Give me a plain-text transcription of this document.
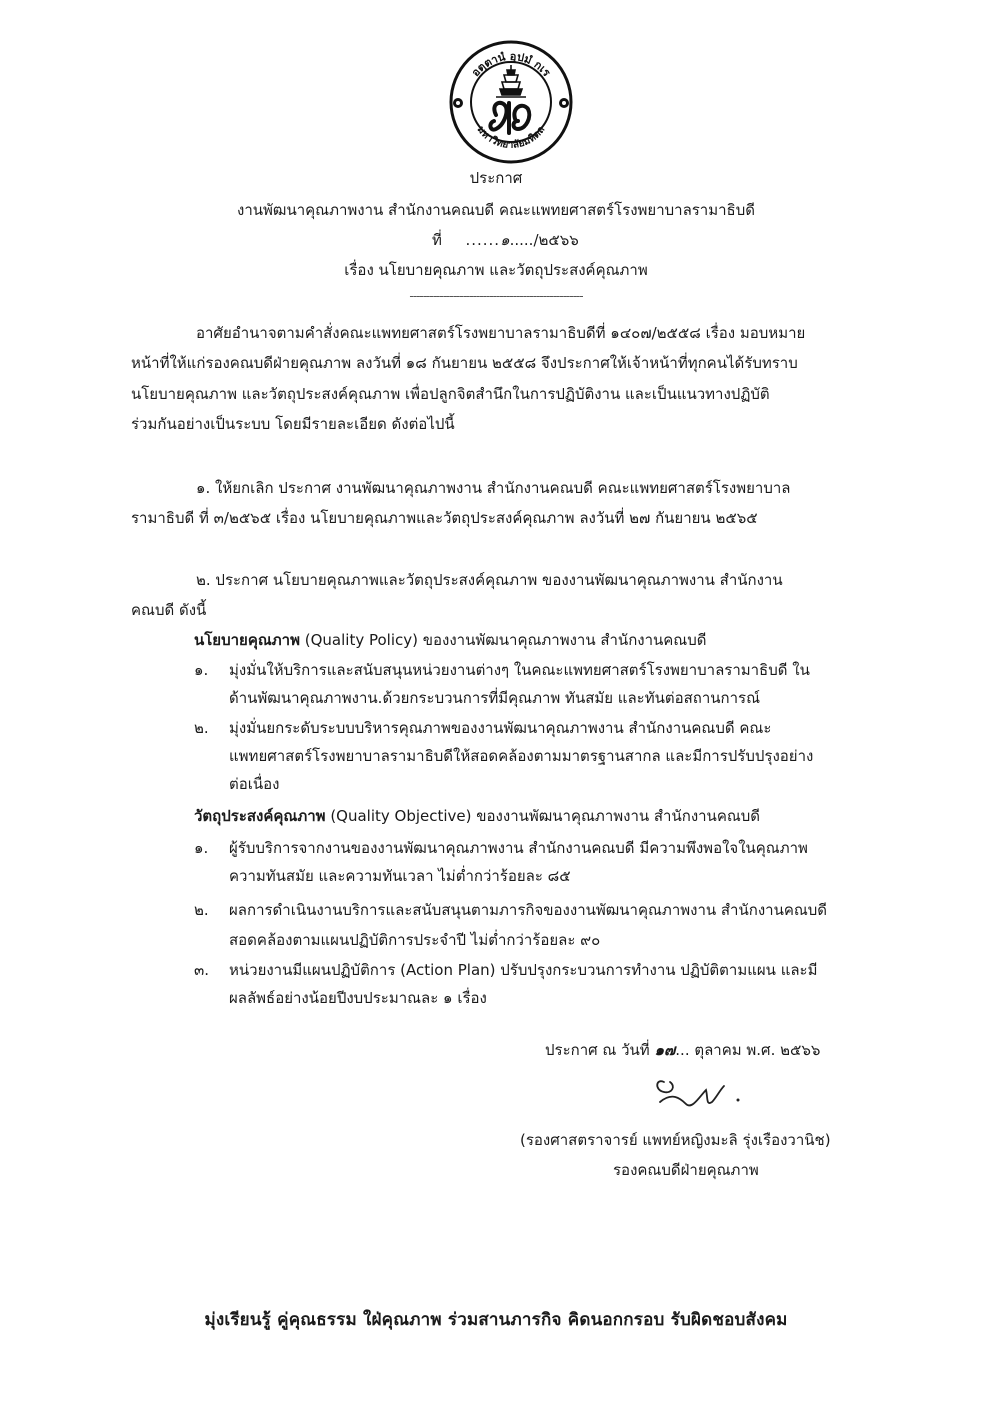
อตฺตานํ อุปมํ กเร
มหาวิทยาลัยมหิดล
ประกาศ
งานพัฒนาคุณภาพงาน สำนักงานคณบดี คณะแพทยศาสตร์โรงพยาบาลรามาธิบดี
ที่ ......๑...../๒๕๖๖
เรื่อง นโยบายคุณภาพ และวัตถุประสงค์คุณภาพ
----------------------------------------------------
อาศัยอำนาจตามคำสั่งคณะแพทยศาสตร์โรงพยาบาลรามาธิบดีที่ ๑๔๐๗/๒๕๕๘ เรื่อง มอบหมาย
หน้าที่ให้แก่รองคณบดีฝ่ายคุณภาพ ลงวันที่ ๑๘ กันยายน ๒๕๕๘ จึงประกาศให้เจ้าหน้าที่ทุกคนได้รับทราบ
นโยบายคุณภาพ และวัตถุประสงค์คุณภาพ เพื่อปลูกจิตสำนึกในการปฏิบัติงาน และเป็นแนวทางปฏิบัติ
ร่วมกันอย่างเป็นระบบ โดยมีรายละเอียด ดังต่อไปนี้
๑. ให้ยกเลิก ประกาศ งานพัฒนาคุณภาพงาน สำนักงานคณบดี คณะแพทยศาสตร์โรงพยาบาล
รามาธิบดี ที่ ๓/๒๕๖๕ เรื่อง นโยบายคุณภาพและวัตถุประสงค์คุณภาพ ลงวันที่ ๒๗ กันยายน ๒๕๖๕
๒. ประกาศ นโยบายคุณภาพและวัตถุประสงค์คุณภาพ ของงานพัฒนาคุณภาพงาน สำนักงาน
คณบดี ดังนี้
นโยบายคุณภาพ (Quality Policy) ของงานพัฒนาคุณภาพงาน สำนักงานคณบดี
๑. มุ่งมั่นให้บริการและสนับสนุนหน่วยงานต่างๆ ในคณะแพทยศาสตร์โรงพยาบาลรามาธิบดี ใน
ด้านพัฒนาคุณภาพงาน.ด้วยกระบวนการที่มีคุณภาพ ทันสมัย และทันต่อสถานการณ์
๒. มุ่งมั่นยกระดับระบบบริหารคุณภาพของงานพัฒนาคุณภาพงาน สำนักงานคณบดี คณะ
แพทยศาสตร์โรงพยาบาลรามาธิบดีให้สอดคล้องตามมาตรฐานสากล และมีการปรับปรุงอย่าง
ต่อเนื่อง
วัตถุประสงค์คุณภาพ (Quality Objective) ของงานพัฒนาคุณภาพงาน สำนักงานคณบดี
๑. ผู้รับบริการจากงานของงานพัฒนาคุณภาพงาน สำนักงานคณบดี มีความพึงพอใจในคุณภาพ
ความทันสมัย และความทันเวลา ไม่ต่ำกว่าร้อยละ ๘๕
๒. ผลการดำเนินงานบริการและสนับสนุนตามภารกิจของงานพัฒนาคุณภาพงาน สำนักงานคณบดี
สอดคล้องตามแผนปฏิบัติการประจำปี ไม่ต่ำกว่าร้อยละ ๙๐
๓. หน่วยงานมีแผนปฏิบัติการ (Action Plan) ปรับปรุงกระบวนการทำงาน ปฏิบัติตามแผน และมี
ผลลัพธ์อย่างน้อยปีงบประมาณละ ๑ เรื่อง
ประกาศ ณ วันที่ ๑๗... ตุลาคม พ.ศ. ๒๕๖๖
(รองศาสตราจารย์ แพทย์หญิงมะลิ รุ่งเรืองวานิช)
รองคณบดีฝ่ายคุณภาพ
มุ่งเรียนรู้ คู่คุณธรรม ใฝ่คุณภาพ ร่วมสานภารกิจ คิดนอกกรอบ รับผิดชอบสังคม
